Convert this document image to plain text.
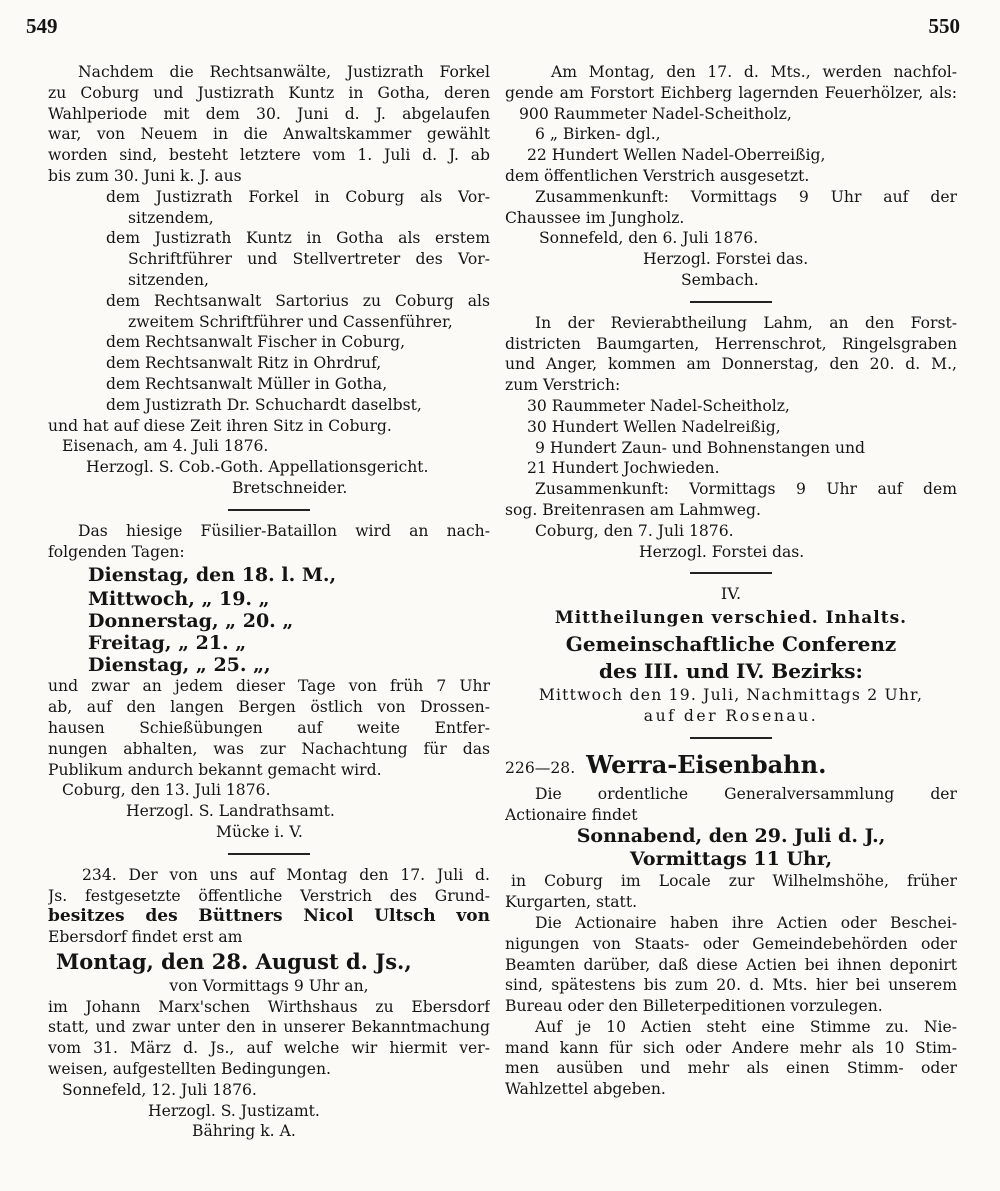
549	550
Nachdem die Rechtsanwälte, Justizrath Forkel
zu Coburg und Justizrath Kuntz in Gotha, deren
Wahlperiode mit dem 30. Juni d. J. abgelaufen
war, von Neuem in die Anwaltskammer gewählt
worden sind, besteht letztere vom 1. Juli d. J. ab
bis zum 30. Juni k. J. aus
dem Justizrath Forkel in Coburg als Vor-
sitzendem,
dem Justizrath Kuntz in Gotha als erstem
Schriftführer und Stellvertreter des Vor-
sitzenden,
dem Rechtsanwalt Sartorius zu Coburg als
zweitem Schriftführer und Cassenführer,
dem Rechtsanwalt Fischer in Coburg,
dem Rechtsanwalt Ritz in Ohrdruf,
dem Rechtsanwalt Müller in Gotha,
dem Justizrath Dr. Schuchardt daselbst,
und hat auf diese Zeit ihren Sitz in Coburg.
Eisenach, am 4. Juli 1876.
Herzogl. S. Cob.-Goth. Appellationsgericht.
Bretschneider.
Das hiesige Füsilier-Bataillon wird an nach-
folgenden Tagen:
Dienstag, den 18. l. M.,
Mittwoch, „ 19. „
Donnerstag, „ 20. „
Freitag, „ 21. „
Dienstag, „ 25. „,
und zwar an jedem dieser Tage von früh 7 Uhr
ab, auf den langen Bergen östlich von Drossen-
hausen Schießübungen auf weite Entfer-
nungen abhalten, was zur Nachachtung für das
Publikum andurch bekannt gemacht wird.
Coburg, den 13. Juli 1876.
Herzogl. S. Landrathsamt.
Mücke i. V.
234. Der von uns auf Montag den 17. Juli d.
Js. festgesetzte öffentliche Verstrich des Grund-
besitzes des Büttners Nicol Ultsch von
Ebersdorf findet erst am
Montag, den 28. August d. Js.,
von Vormittags 9 Uhr an,
im Johann Marx'schen Wirthshaus zu Ebersdorf
statt, und zwar unter den in unserer Bekanntmachung
vom 31. März d. Js., auf welche wir hiermit ver-
weisen, aufgestellten Bedingungen.
Sonnefeld, 12. Juli 1876.
Herzogl. S. Justizamt.
Bähring k. A.
Am Montag, den 17. d. Mts., werden nachfol-
gende am Forstort Eichberg lagernden Feuerhölzer, als:
900 Raummeter Nadel-Scheitholz,
6 „ Birken- dgl.,
22 Hundert Wellen Nadel-Oberreißig,
dem öffentlichen Verstrich ausgesetzt.
Zusammenkunft: Vormittags 9 Uhr auf der
Chaussee im Jungholz.
Sonnefeld, den 6. Juli 1876.
Herzogl. Forstei das.
Sembach.
In der Revierabtheilung Lahm, an den Forst-
districten Baumgarten, Herrenschrot, Ringelsgraben
und Anger, kommen am Donnerstag, den 20. d. M.,
zum Verstrich:
30 Raummeter Nadel-Scheitholz,
30 Hundert Wellen Nadelreißig,
9 Hundert Zaun- und Bohnenstangen und
21 Hundert Jochwieden.
Zusammenkunft: Vormittags 9 Uhr auf dem
sog. Breitenrasen am Lahmweg.
Coburg, den 7. Juli 1876.
Herzogl. Forstei das.
IV.
Mittheilungen verschied. Inhalts.
Gemeinschaftliche Conferenz
des III. und IV. Bezirks:
Mittwoch den 19. Juli, Nachmittags 2 Uhr,
auf der Rosenau.
226—28. Werra-Eisenbahn.
Die ordentliche Generalversammlung der
Actionaire findet
Sonnabend, den 29. Juli d. J.,
Vormittags 11 Uhr,
in Coburg im Locale zur Wilhelmshöhe, früher
Kurgarten, statt.
Die Actionaire haben ihre Actien oder Beschei-
nigungen von Staats- oder Gemeindebehörden oder
Beamten darüber, daß diese Actien bei ihnen deponirt
sind, spätestens bis zum 20. d. Mts. hier bei unserem
Bureau oder den Billeterpeditionen vorzulegen.
Auf je 10 Actien steht eine Stimme zu. Nie-
mand kann für sich oder Andere mehr als 10 Stim-
men ausüben und mehr als einen Stimm- oder
Wahlzettel abgeben.
